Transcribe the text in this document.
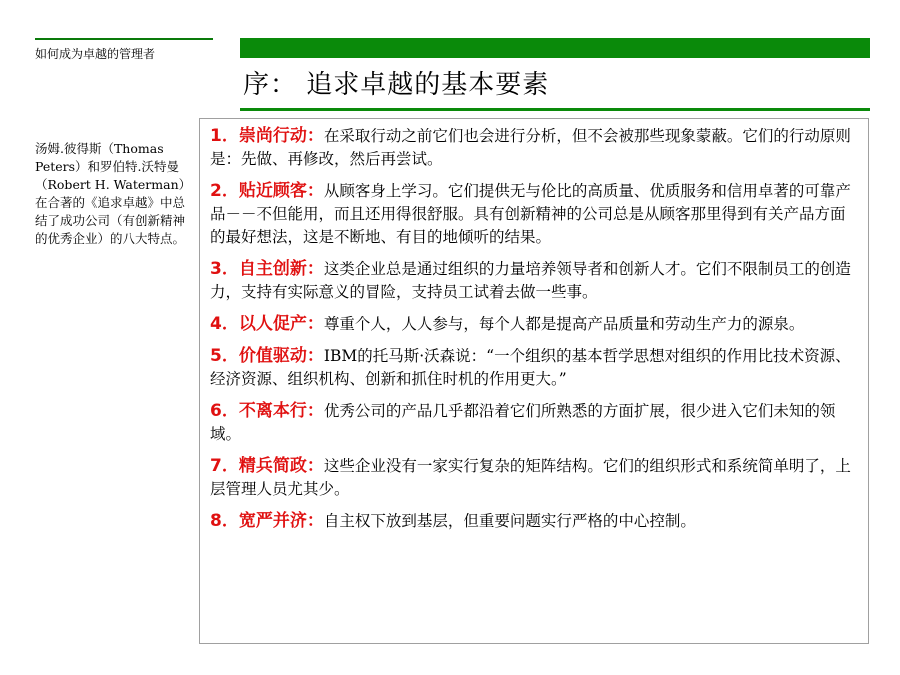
如何成为卓越的管理者
序： 追求卓越的基本要素
汤姆.彼得斯（Thomas Peters）和罗伯特.沃特曼（Robert H. Waterman）在合著的《追求卓越》中总结了成功公司（有创新精神的优秀企业）的八大特点。
1．崇尚行动：在采取行动之前它们也会进行分析，但不会被那些现象蒙蔽。它们的行动原则是：先做、再修改，然后再尝试。
2．贴近顾客：从顾客身上学习。它们提供无与伦比的高质量、优质服务和信用卓著的可靠产品－－不但能用，而且还用得很舒服。具有创新精神的公司总是从顾客那里得到有关产品方面的最好想法，这是不断地、有目的地倾听的结果。
3．自主创新：这类企业总是通过组织的力量培养领导者和创新人才。它们不限制员工的创造力，支持有实际意义的冒险，支持员工试着去做一些事。
4．以人促产：尊重个人，人人参与，每个人都是提高产品质量和劳动生产力的源泉。
5．价值驱动：IBM的托马斯·沃森说：“一个组织的基本哲学思想对组织的作用比技术资源、经济资源、组织机构、创新和抓住时机的作用更大。”
6．不离本行：优秀公司的产品几乎都沿着它们所熟悉的方面扩展，很少进入它们未知的领域。
7．精兵简政：这些企业没有一家实行复杂的矩阵结构。它们的组织形式和系统简单明了，上层管理人员尤其少。
8．宽严并济：自主权下放到基层，但重要问题实行严格的中心控制。
